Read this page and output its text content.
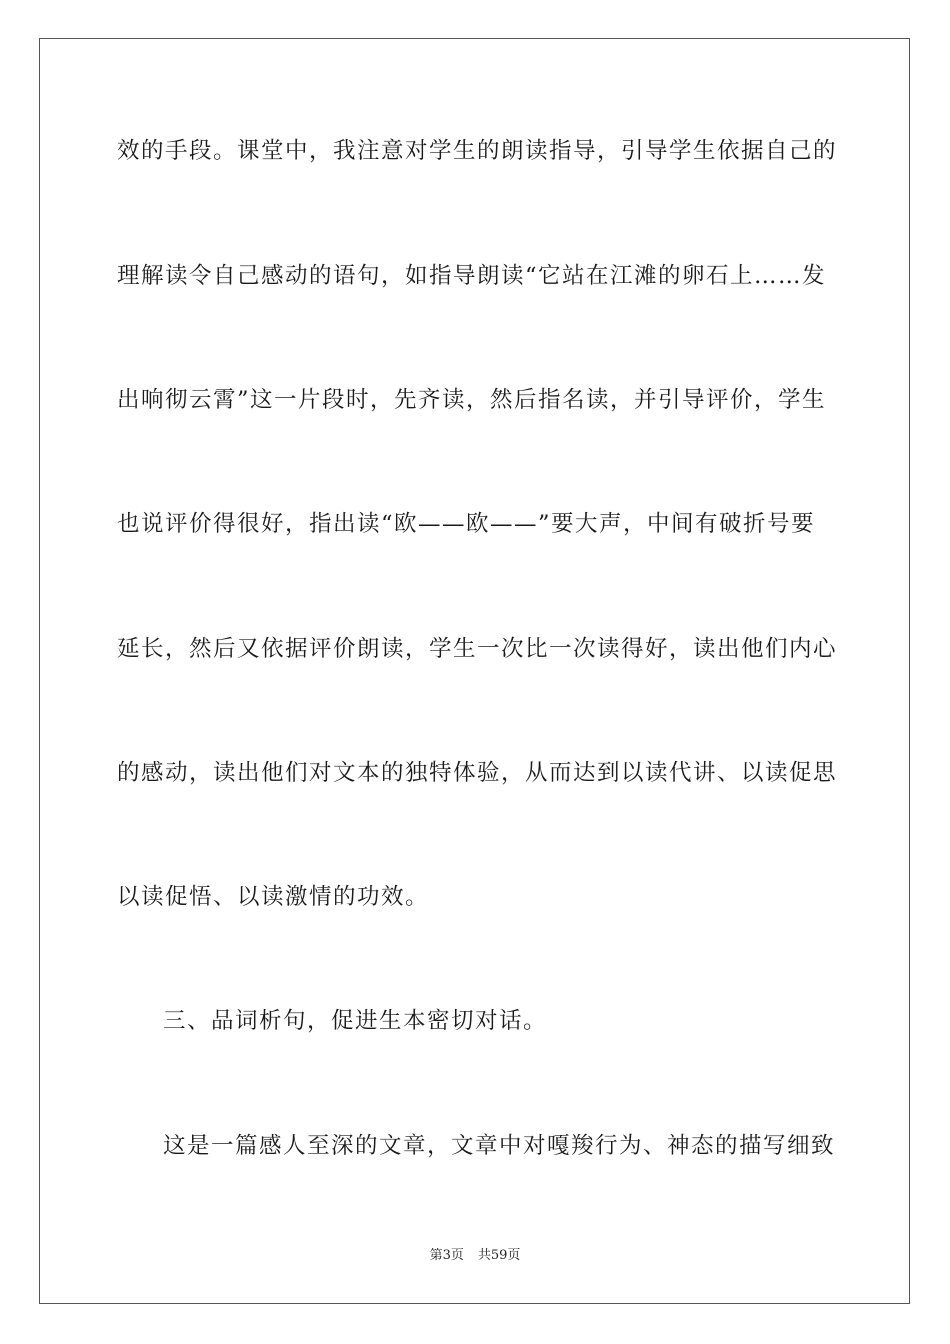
效的手段。课堂中，我注意对学生的朗读指导，引导学生依据自己的
理解读令自己感动的语句，如指导朗读“它站在江滩的卵石上……发
出响彻云霄”这一片段时，先齐读，然后指名读，并引导评价，学生
也说评价得很好，指出读“欧——欧——”要大声，中间有破折号要
延长，然后又依据评价朗读，学生一次比一次读得好，读出他们内心
的感动，读出他们对文本的独特体验，从而达到以读代讲、以读促思
以读促悟、以读激情的功效。
三、品词析句，促进生本密切对话。
这是一篇感人至深的文章，文章中对嘎羧行为、神态的描写细致
第3页 共59页
